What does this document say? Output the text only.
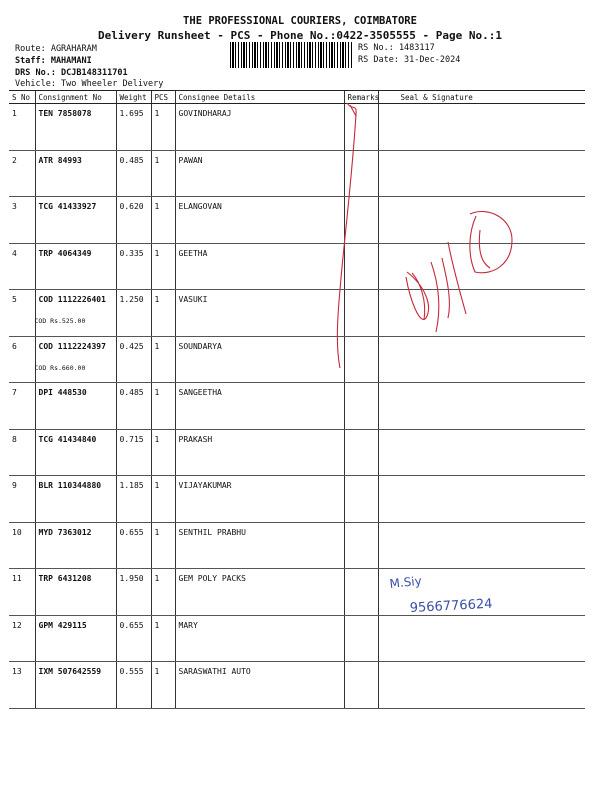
THE PROFESSIONAL COURIERS, COIMBATORE
Delivery Runsheet - PCS - Phone No.:0422-3505555 - Page No.:1
Route: AGRAHARAM
Staff: MAHAMANI
DRS No.: DCJB148311701
Vehicle: Two Wheeler Delivery
RS No.: 1483117
RS Date: 31-Dec-2024
S No	Consignment No	Weight	PCS	Consignee Details	Remarks	Seal & Signature
1	TEN 7858078	1.695	1	GOVINDHARAJ		
2	ATR 84993	0.485	1	PAWAN		
3	TCG 41433927	0.620	1	ELANGOVAN		
4	TRP 4064349	0.335	1	GEETHA		
5	COD 1112226401
COD Rs.525.00	1.250	1	VASUKI		
6	COD 1112224397
COD Rs.660.00	0.425	1	SOUNDARYA		
7	DPI 448530	0.485	1	SANGEETHA		
8	TCG 41434840	0.715	1	PRAKASH		
9	BLR 110344880	1.185	1	VIJAYAKUMAR		
10	MYD 7363012	0.655	1	SENTHIL PRABHU		
11	TRP 6431208	1.950	1	GEM POLY PACKS		
12	GPM 429115	0.655	1	MARY		
13	IXM 507642559	0.555	1	SARASWATHI AUTO		
M.Siy
9566776624
